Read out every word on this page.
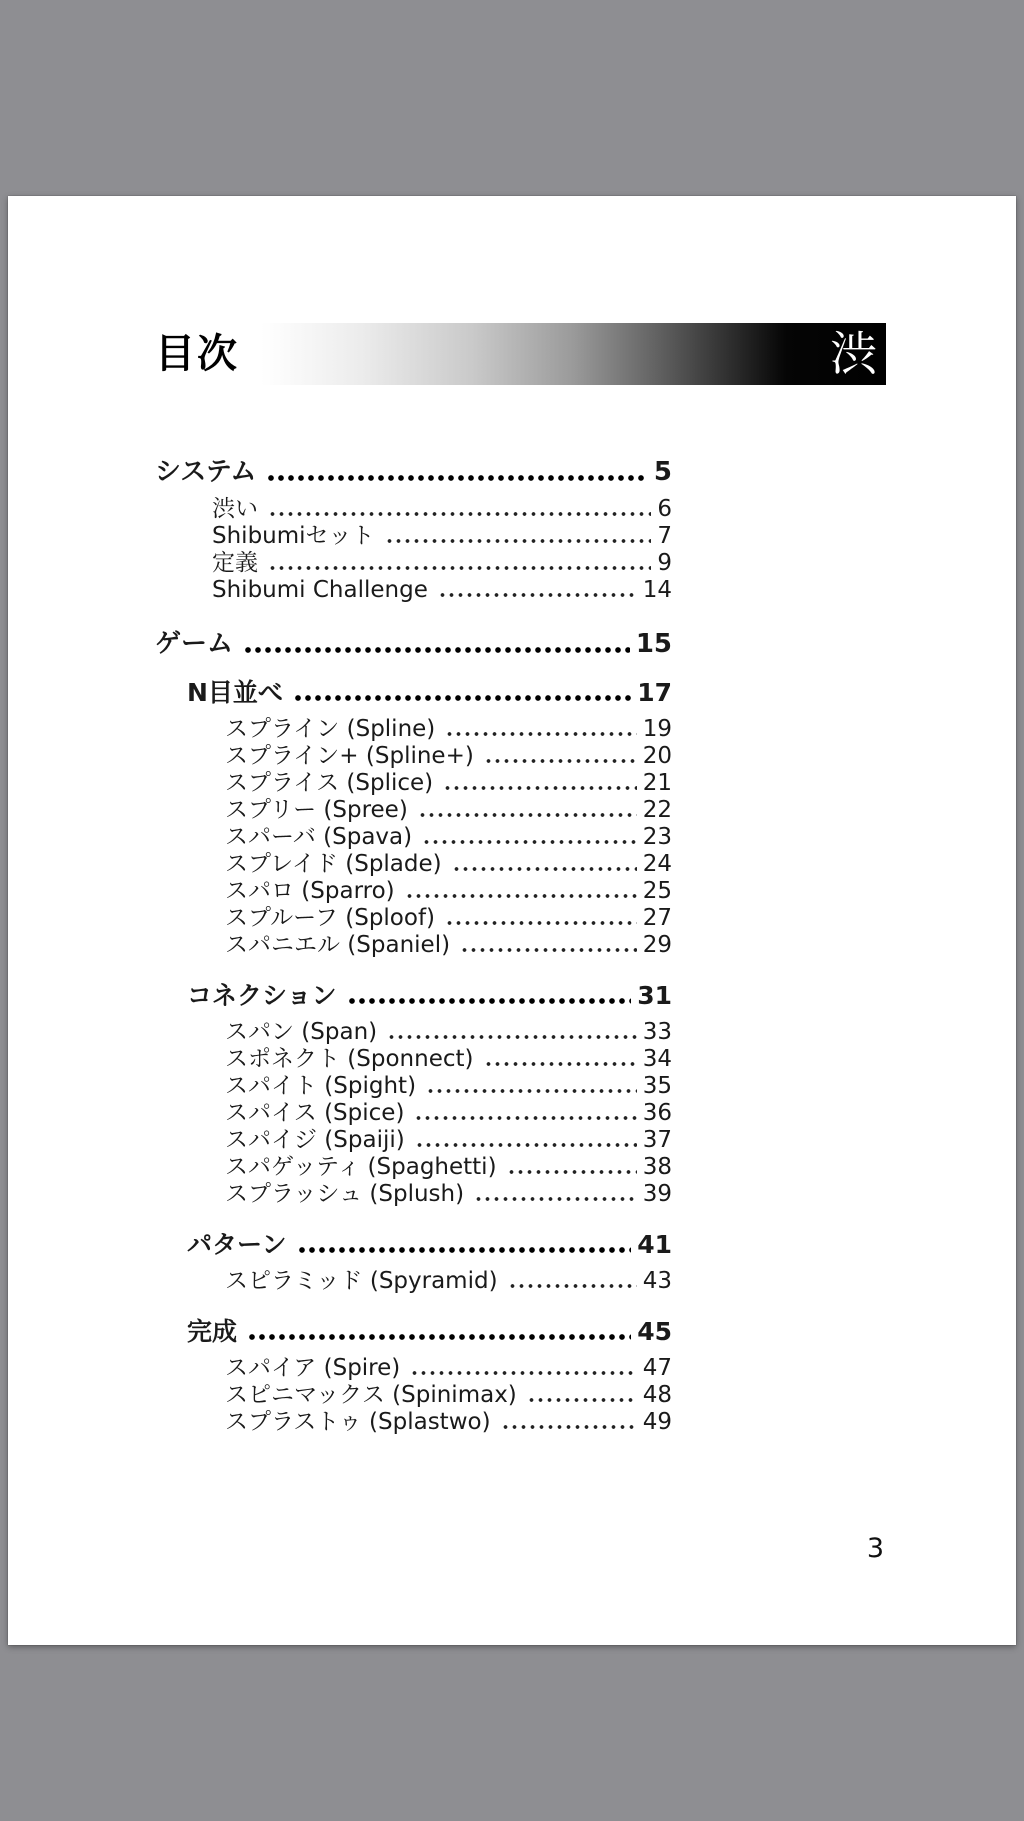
目次	渋
システム	5
渋い	6
Shibumiセット	7
定義	9
Shibumi Challenge	14
ゲーム	15
N目並べ	17
スプライン (Spline)	19
スプライン+ (Spline+)	20
スプライス (Splice)	21
スプリー (Spree)	22
スパーバ (Spava)	23
スプレイド (Splade)	24
スパロ (Sparro)	25
スプルーフ (Sploof)	27
スパニエル (Spaniel)	29
コネクション	31
スパン (Span)	33
スポネクト (Sponnect)	34
スパイト (Spight)	35
スパイス (Spice)	36
スパイジ (Spaiji)	37
スパゲッティ (Spaghetti)	38
スプラッシュ (Splush)	39
パターン	41
スピラミッド (Spyramid)	43
完成	45
スパイア (Spire)	47
スピニマックス (Spinimax)	48
スプラストゥ (Splastwo)	49
3
